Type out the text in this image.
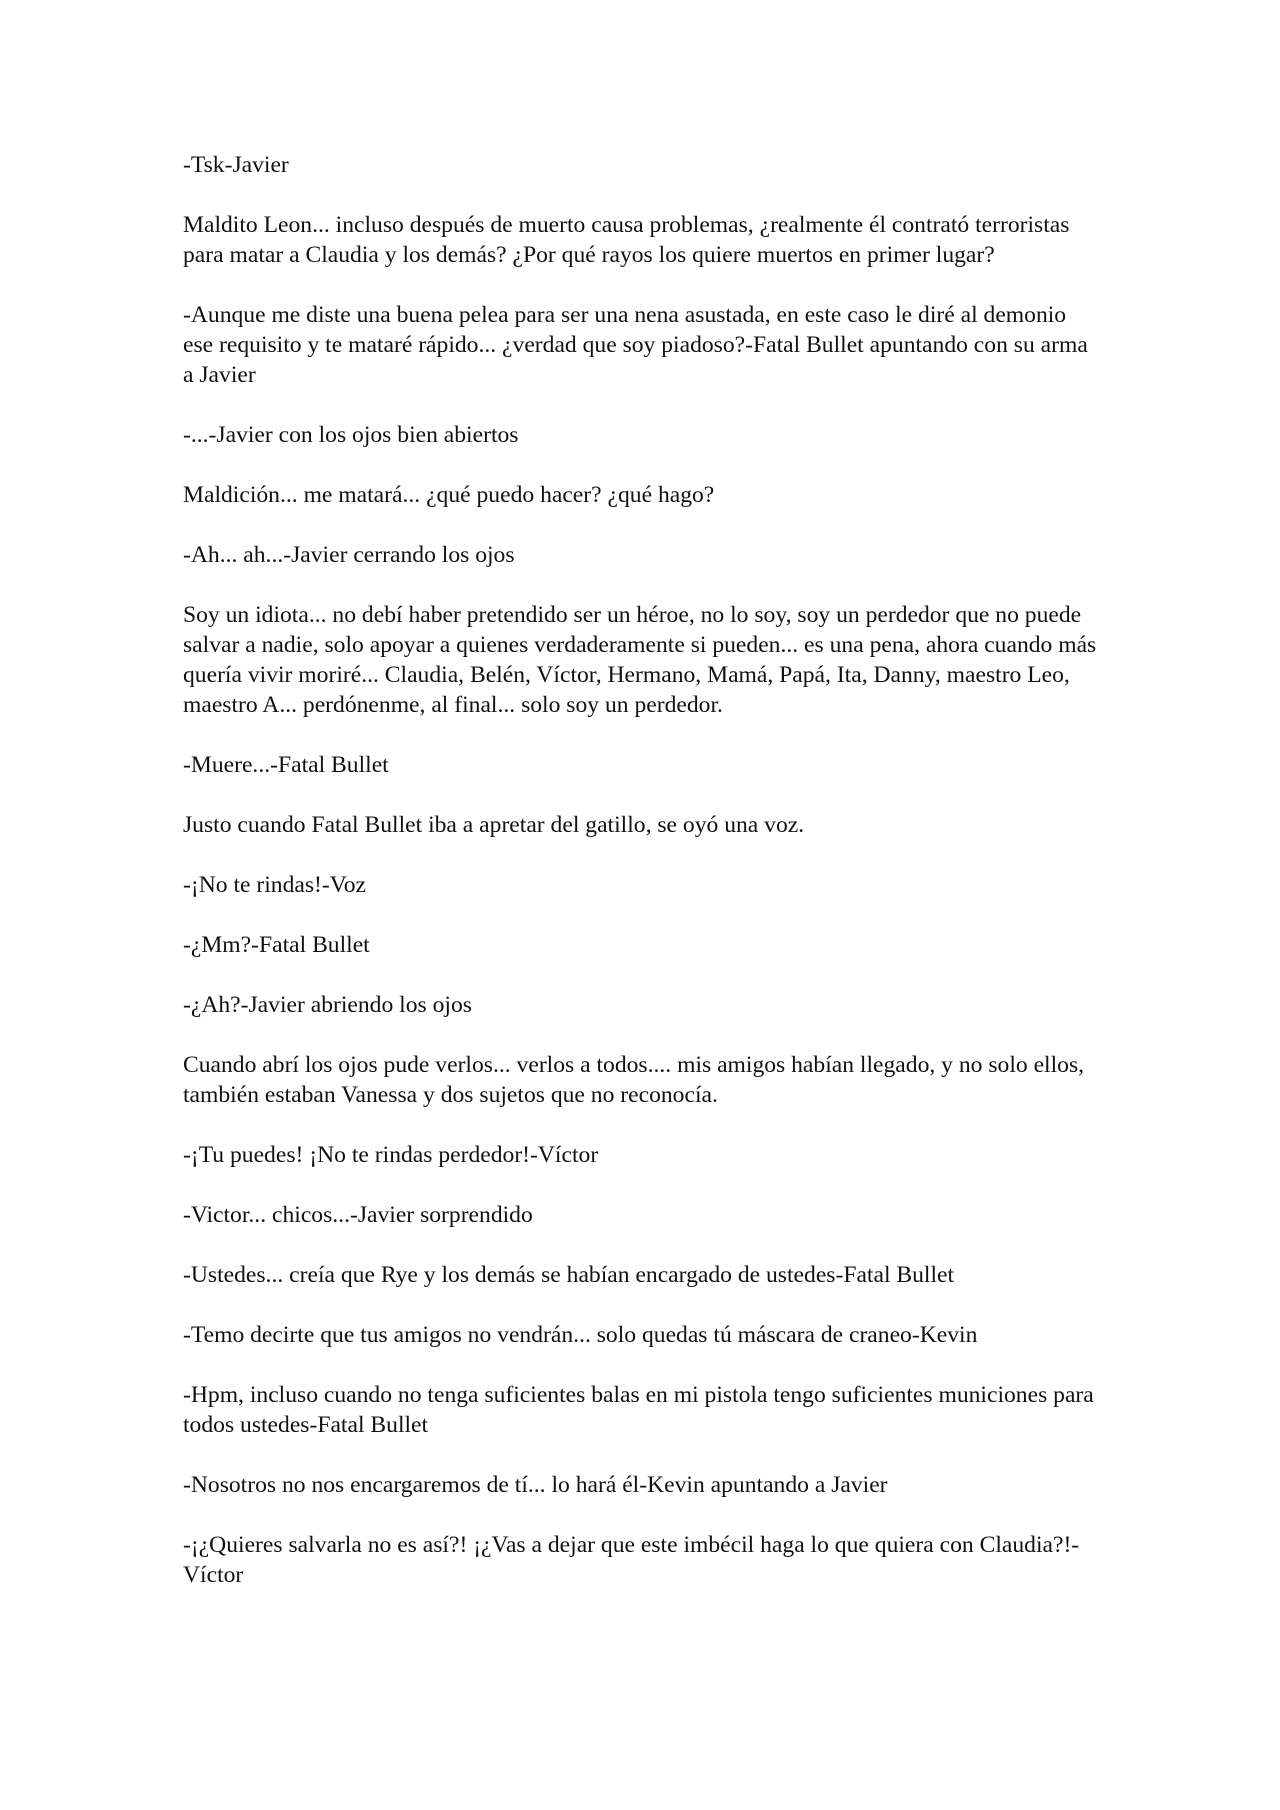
-Tsk-Javier

Maldito Leon... incluso después de muerto causa problemas, ¿realmente él contrató terroristas para matar a Claudia y los demás? ¿Por qué rayos los quiere muertos en primer lugar?

-Aunque me diste una buena pelea para ser una nena asustada, en este caso le diré al demonio ese requisito y te mataré rápido... ¿verdad que soy piadoso?-Fatal Bullet apuntando con su arma a Javier

-...-Javier con los ojos bien abiertos

Maldición... me matará... ¿qué puedo hacer? ¿qué hago?

-Ah... ah...-Javier cerrando los ojos

Soy un idiota... no debí haber pretendido ser un héroe, no lo soy, soy un perdedor que no puede salvar a nadie, solo apoyar a quienes verdaderamente si pueden... es una pena, ahora cuando más quería vivir moriré... Claudia, Belén, Víctor, Hermano, Mamá, Papá, Ita, Danny, maestro Leo, maestro A... perdónenme, al final... solo soy un perdedor.

-Muere...-Fatal Bullet

Justo cuando Fatal Bullet iba a apretar del gatillo, se oyó una voz.

-¡No te rindas!-Voz

-¿Mm?-Fatal Bullet

-¿Ah?-Javier abriendo los ojos

Cuando abrí los ojos pude verlos... verlos a todos.... mis amigos habían llegado, y no solo ellos, también estaban Vanessa y dos sujetos que no reconocía.

-¡Tu puedes! ¡No te rindas perdedor!-Víctor

-Victor... chicos...-Javier sorprendido

-Ustedes... creía que Rye y los demás se habían encargado de ustedes-Fatal Bullet

-Temo decirte que tus amigos no vendrán... solo quedas tú máscara de craneo-Kevin

-Hpm, incluso cuando no tenga suficientes balas en mi pistola tengo suficientes municiones para todos ustedes-Fatal Bullet

-Nosotros no nos encargaremos de tí... lo hará él-Kevin apuntando a Javier

-¡¿Quieres salvarla no es así?! ¡¿Vas a dejar que este imbécil haga lo que quiera con Claudia?!-Víctor
